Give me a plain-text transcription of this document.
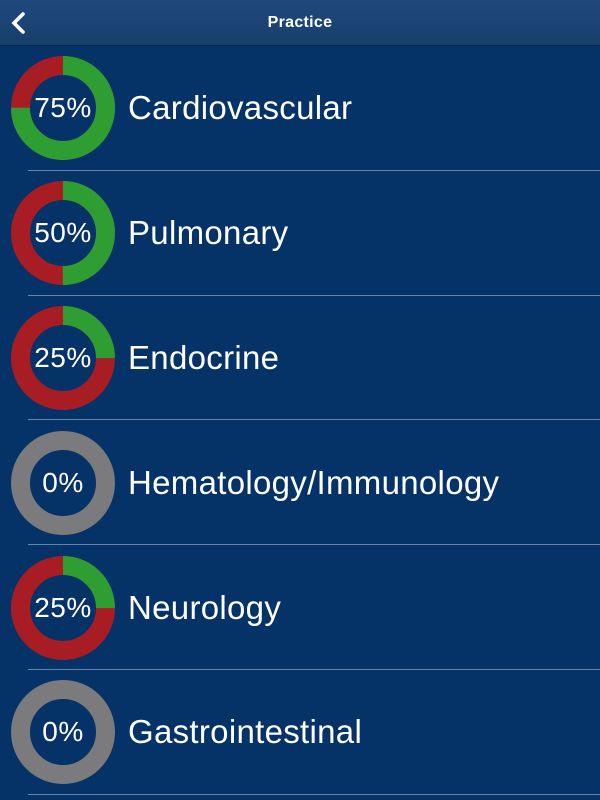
Practice
75%	Cardiovascular
50%	Pulmonary
25%	Endocrine
0%	Hematology/Immunology
25%	Neurology
0%	Gastrointestinal
